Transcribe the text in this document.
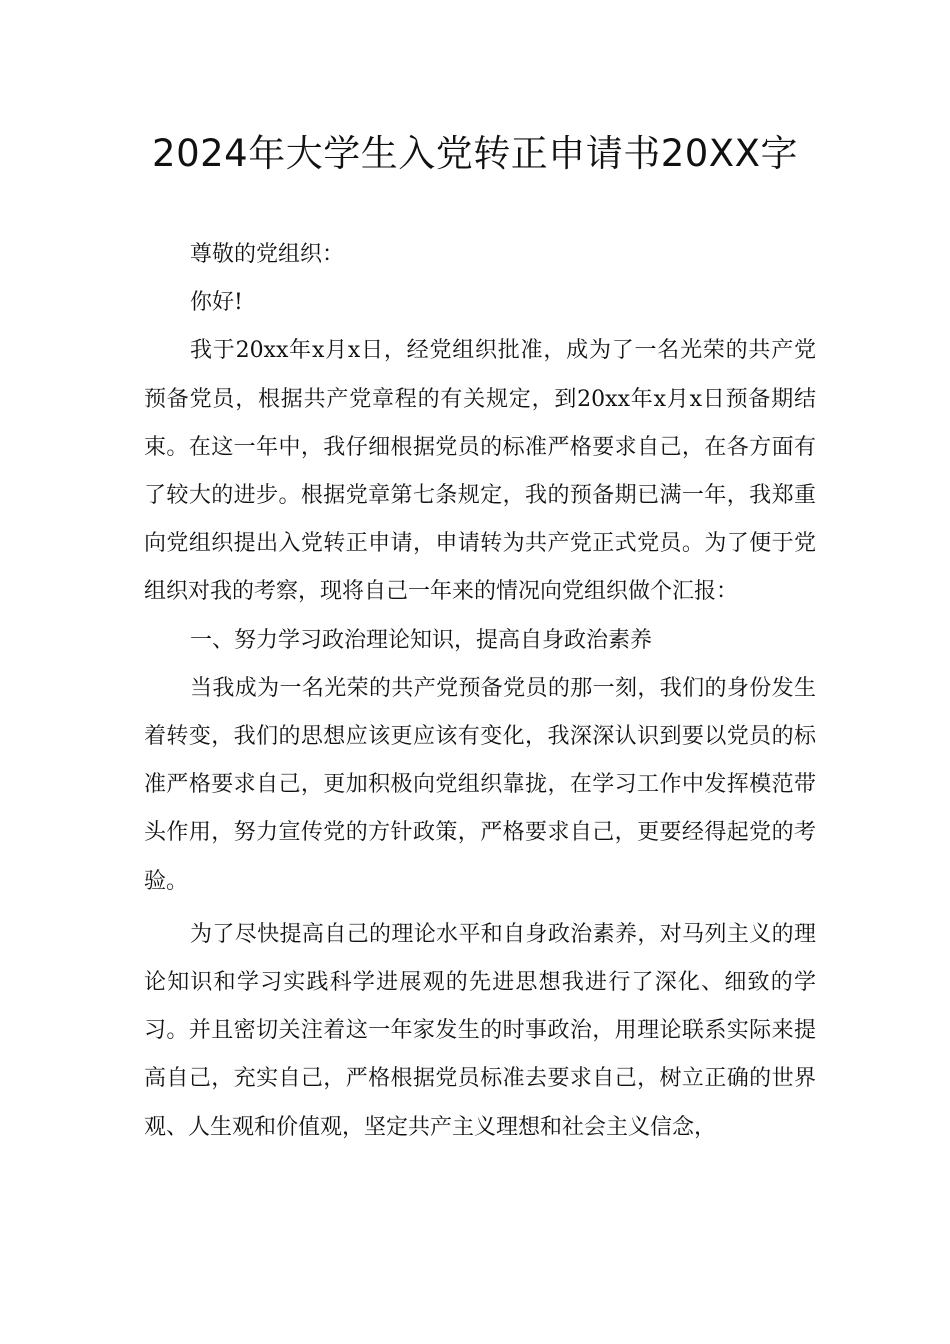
2024年大学生入党转正申请书20XX字

尊敬的党组织：

你好!

我于20xx年x月x日，经党组织批准，成为了一名光荣的共产党预备党员，根据共产党章程的有关规定，到20xx年x月x日预备期结束。在这一年中，我仔细根据党员的标准严格要求自己，在各方面有了较大的进步。根据党章第七条规定，我的预备期已满一年，我郑重向党组织提出入党转正申请，申请转为共产党正式党员。为了便于党组织对我的考察，现将自己一年来的情况向党组织做个汇报：

一、努力学习政治理论知识，提高自身政治素养

当我成为一名光荣的共产党预备党员的那一刻，我们的身份发生着转变，我们的思想应该更应该有变化，我深深认识到要以党员的标准严格要求自己，更加积极向党组织靠拢，在学习工作中发挥模范带头作用，努力宣传党的方针政策，严格要求自己，更要经得起党的考验。

为了尽快提高自己的理论水平和自身政治素养，对马列主义的理论知识和学习实践科学进展观的先进思想我进行了深化、细致的学习。并且密切关注着这一年家发生的时事政治，用理论联系实际来提高自己，充实自己，严格根据党员标准去要求自己，树立正确的世界观、人生观和价值观，坚定共产主义理想和社会主义信念，
